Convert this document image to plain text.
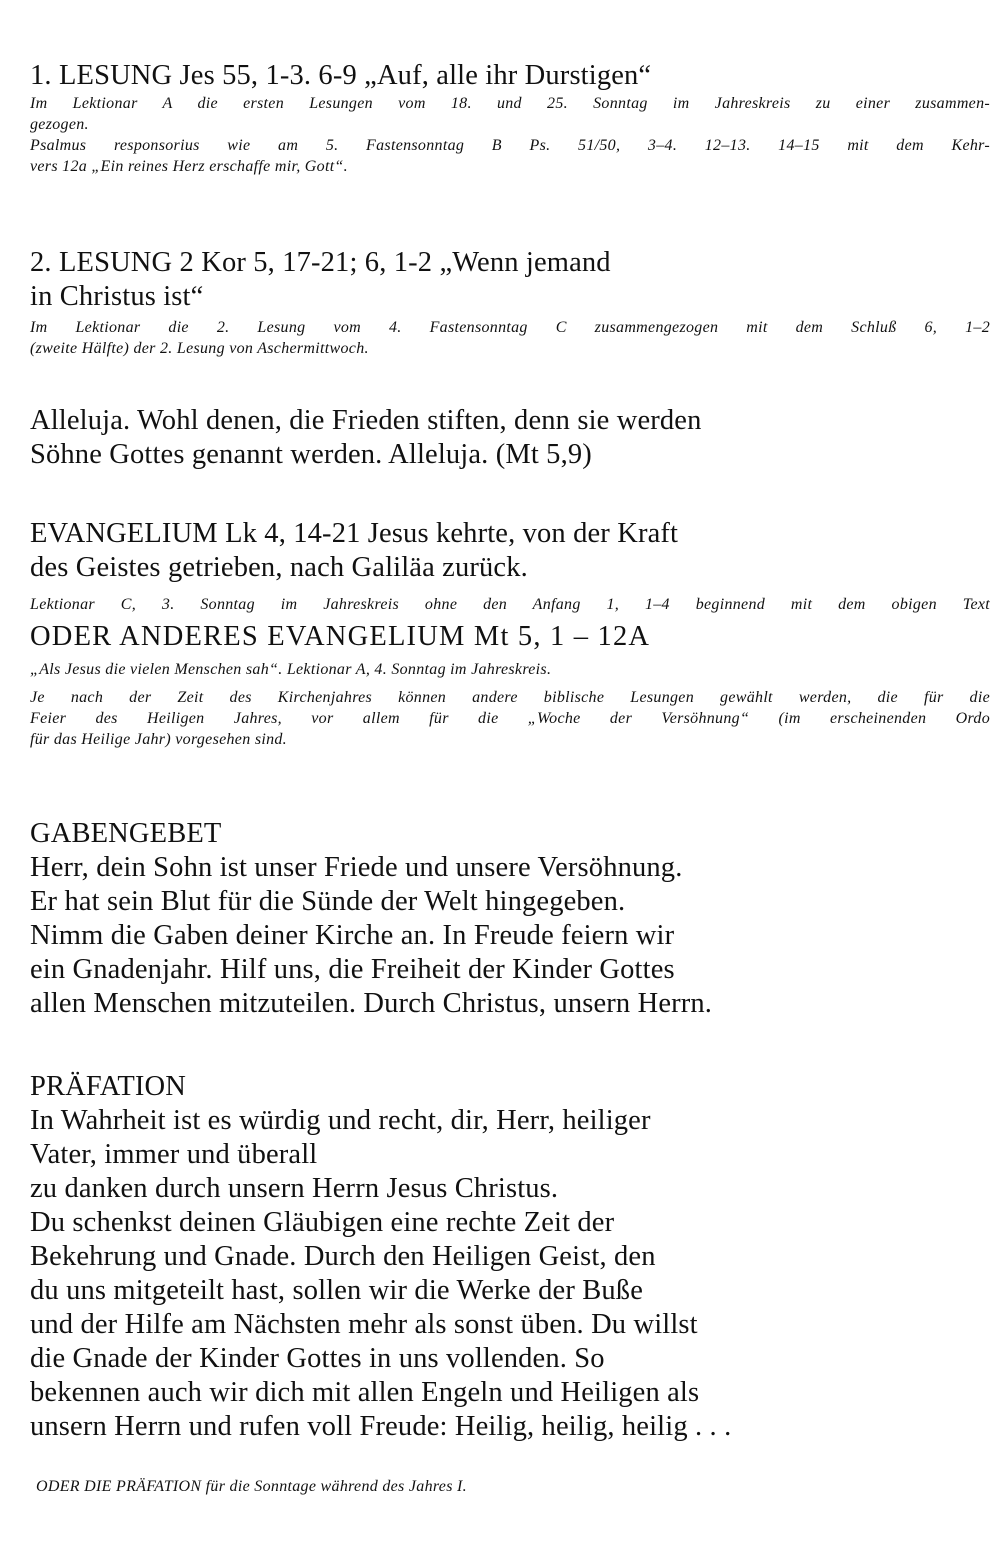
1. LESUNG Jes 55, 1-3. 6-9 „Auf, alle ihr Durstigen“
Im Lektionar A die ersten Lesungen vom 18. und 25. Sonntag im Jahreskreis zu einer zusammen-
gezogen.
Psalmus responsorius wie am 5. Fastensonntag B Ps. 51/50, 3–4. 12–13. 14–15 mit dem Kehr-
vers 12a „Ein reines Herz erschaffe mir, Gott“.
2. LESUNG 2 Kor 5, 17-21; 6, 1-2 „Wenn jemand
in Christus ist“
Im Lektionar die 2. Lesung vom 4. Fastensonntag C zusammengezogen mit dem Schluß 6, 1–2
(zweite Hälfte) der 2. Lesung von Aschermittwoch.
Alleluja. Wohl denen, die Frieden stiften, denn sie werden
Söhne Gottes genannt werden. Alleluja. (Mt 5,9)
EVANGELIUM Lk 4, 14-21 Jesus kehrte, von der Kraft
des Geistes getrieben, nach Galiläa zurück.
Lektionar C, 3. Sonntag im Jahreskreis ohne den Anfang 1, 1–4 beginnend mit dem obigen Text
ODER ANDERES EVANGELIUM Mt 5, 1 – 12A
„Als Jesus die vielen Menschen sah“. Lektionar A, 4. Sonntag im Jahreskreis.
Je nach der Zeit des Kirchenjahres können andere biblische Lesungen gewählt werden, die für die
Feier des Heiligen Jahres, vor allem für die „Woche der Versöhnung“ (im erscheinenden Ordo
für das Heilige Jahr) vorgesehen sind.
GABENGEBET
Herr, dein Sohn ist unser Friede und unsere Versöhnung.
Er hat sein Blut für die Sünde der Welt hingegeben.
Nimm die Gaben deiner Kirche an. In Freude feiern wir
ein Gnadenjahr. Hilf uns, die Freiheit der Kinder Gottes
allen Menschen mitzuteilen. Durch Christus, unsern Herrn.
PRÄFATION
In Wahrheit ist es würdig und recht, dir, Herr, heiliger
Vater, immer und überall
zu danken durch unsern Herrn Jesus Christus.
Du schenkst deinen Gläubigen eine rechte Zeit der
Bekehrung und Gnade. Durch den Heiligen Geist, den
du uns mitgeteilt hast, sollen wir die Werke der Buße
und der Hilfe am Nächsten mehr als sonst üben. Du willst
die Gnade der Kinder Gottes in uns vollenden. So
bekennen auch wir dich mit allen Engeln und Heiligen als
unsern Herrn und rufen voll Freude: Heilig, heilig, heilig . . .
ODER DIE PRÄFATION für die Sonntage während des Jahres I.
